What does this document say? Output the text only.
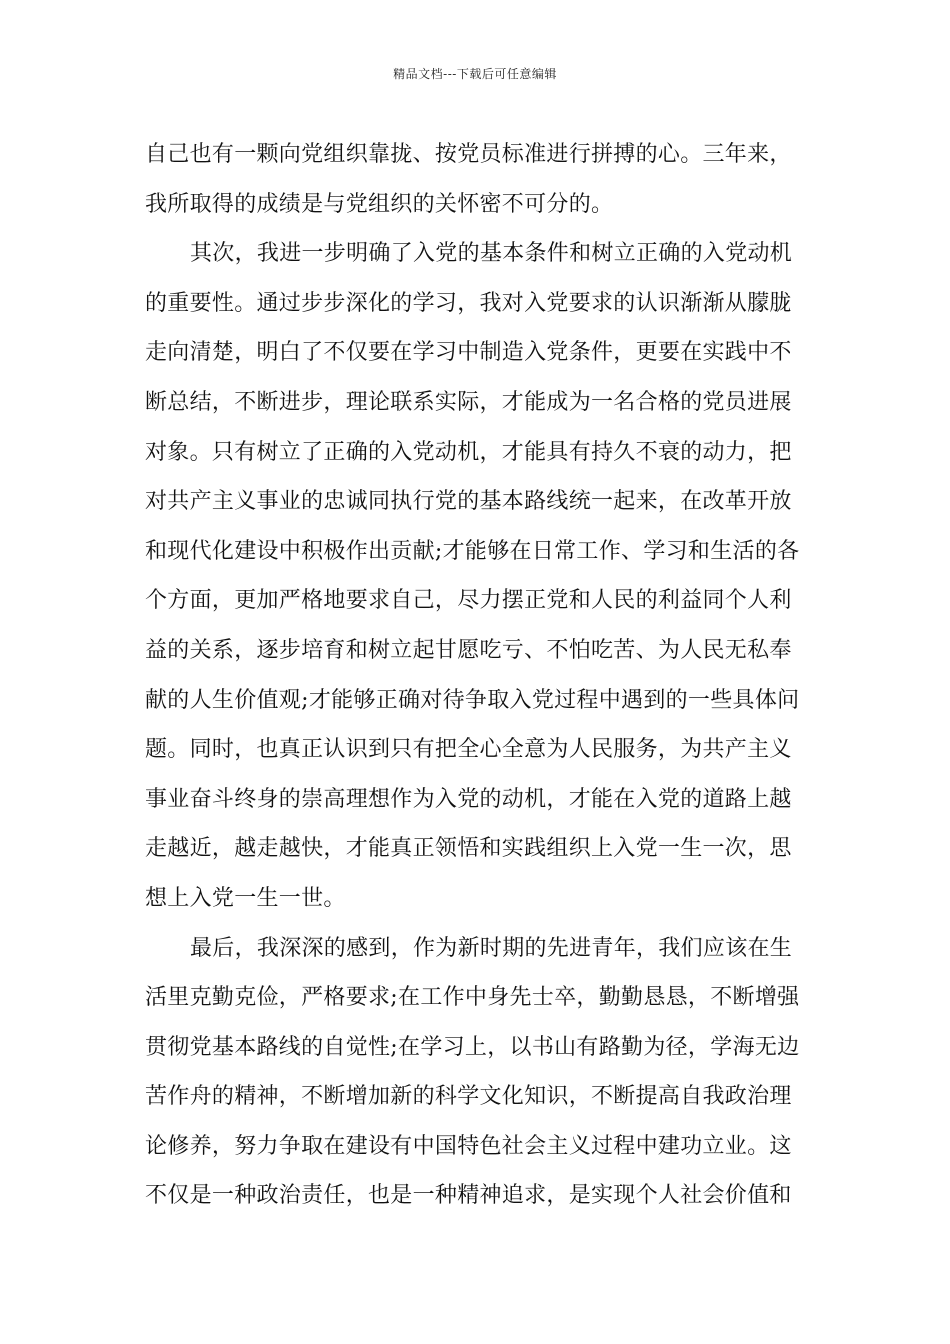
精品文档---下载后可任意编辑
自己也有一颗向党组织靠拢、按党员标准进行拼搏的心。三年来，
我所取得的成绩是与党组织的关怀密不可分的。
其次，我进一步明确了入党的基本条件和树立正确的入党动机
的重要性。通过步步深化的学习，我对入党要求的认识渐渐从朦胧
走向清楚，明白了不仅要在学习中制造入党条件，更要在实践中不
断总结，不断进步，理论联系实际，才能成为一名合格的党员进展
对象。只有树立了正确的入党动机，才能具有持久不衰的动力，把
对共产主义事业的忠诚同执行党的基本路线统一起来，在改革开放
和现代化建设中积极作出贡献;才能够在日常工作、学习和生活的各
个方面，更加严格地要求自己，尽力摆正党和人民的利益同个人利
益的关系，逐步培育和树立起甘愿吃亏、不怕吃苦、为人民无私奉
献的人生价值观;才能够正确对待争取入党过程中遇到的一些具体问
题。同时，也真正认识到只有把全心全意为人民服务，为共产主义
事业奋斗终身的崇高理想作为入党的动机，才能在入党的道路上越
走越近，越走越快，才能真正领悟和实践组织上入党一生一次，思
想上入党一生一世。
最后，我深深的感到，作为新时期的先进青年，我们应该在生
活里克勤克俭，严格要求;在工作中身先士卒，勤勤恳恳，不断增强
贯彻党基本路线的自觉性;在学习上，以书山有路勤为径，学海无边
苦作舟的精神，不断增加新的科学文化知识，不断提高自我政治理
论修养，努力争取在建设有中国特色社会主义过程中建功立业。这
不仅是一种政治责任，也是一种精神追求，是实现个人社会价值和
